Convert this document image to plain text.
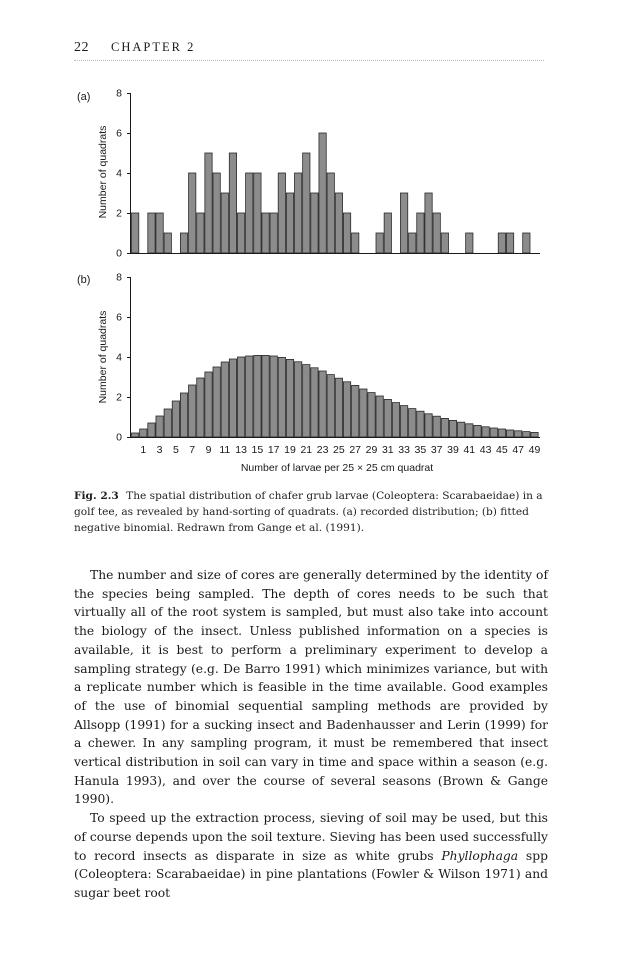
22 CHAPTER 2
(a)
Number of quadrats
0
2
4
6
8
(b)
Number of quadrats
0
2
4
6
8
1 3 5 7 9 11 13 15 17 19 21 23 25 27 29 31 33 35 37 39 41 43 45 47 49
Number of larvae per 25 × 25 cm quadrat
Fig. 2.3 The spatial distribution of chafer grub larvae (Coleoptera: Scarabaeidae) in a golf tee, as revealed by hand-sorting of quadrats. (a) recorded distribution; (b) fitted negative binomial. Redrawn from Gange et al. (1991).

The number and size of cores are generally determined by the identity of the species being sampled. The depth of cores needs to be such that virtually all of the root system is sampled, but must also take into account the biology of the insect. Unless published information on a species is available, it is best to perform a preliminary experiment to develop a sampling strategy (e.g. De Barro 1991) which minimizes variance, but with a replicate number which is feasible in the time available. Good examples of the use of binomial sequential sampling methods are provided by Allsopp (1991) for a sucking insect and Badenhausser and Lerin (1999) for a chewer. In any sampling program, it must be remembered that insect vertical distribution in soil can vary in time and space within a season (e.g. Hanula 1993), and over the course of several seasons (Brown & Gange 1990).

To speed up the extraction process, sieving of soil may be used, but this of course depends upon the soil texture. Sieving has been used successfully to record insects as disparate in size as white grubs Phyllophaga spp (Coleoptera: Scarabaeidae) in pine plantations (Fowler & Wilson 1971) and sugar beet root
